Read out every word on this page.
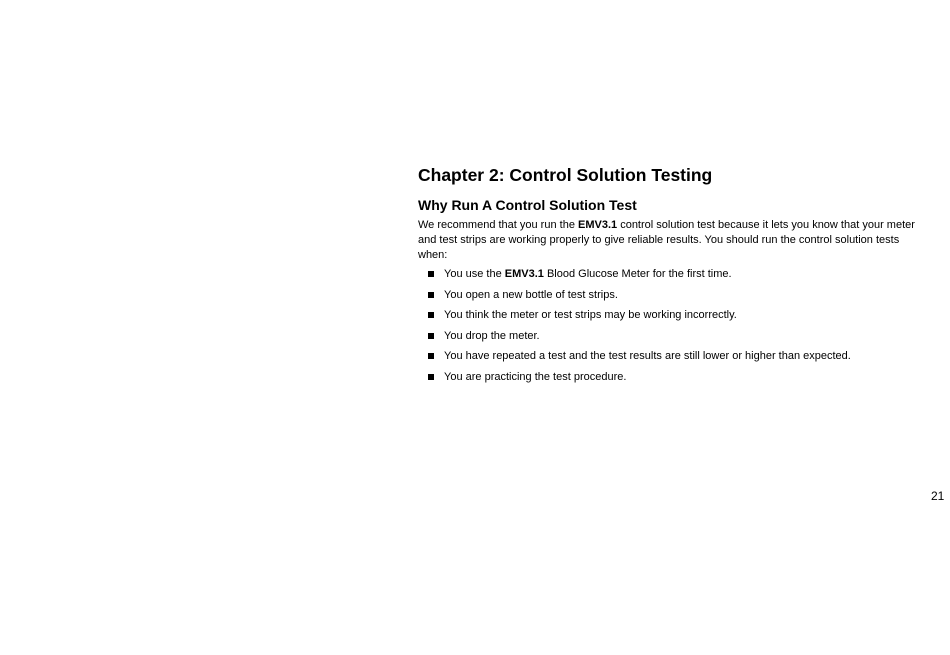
Chapter 2: Control Solution Testing
Why Run A Control Solution Test

We recommend that you run the EMV3.1 control solution test because it lets you know that your meter and test strips are working properly to give reliable results. You should run the control solution tests when:

You use the EMV3.1 Blood Glucose Meter for the first time.
You open a new bottle of test strips.
You think the meter or test strips may be working incorrectly.
You drop the meter.
You have repeated a test and the test results are still lower or higher than expected.
You are practicing the test procedure.
21
